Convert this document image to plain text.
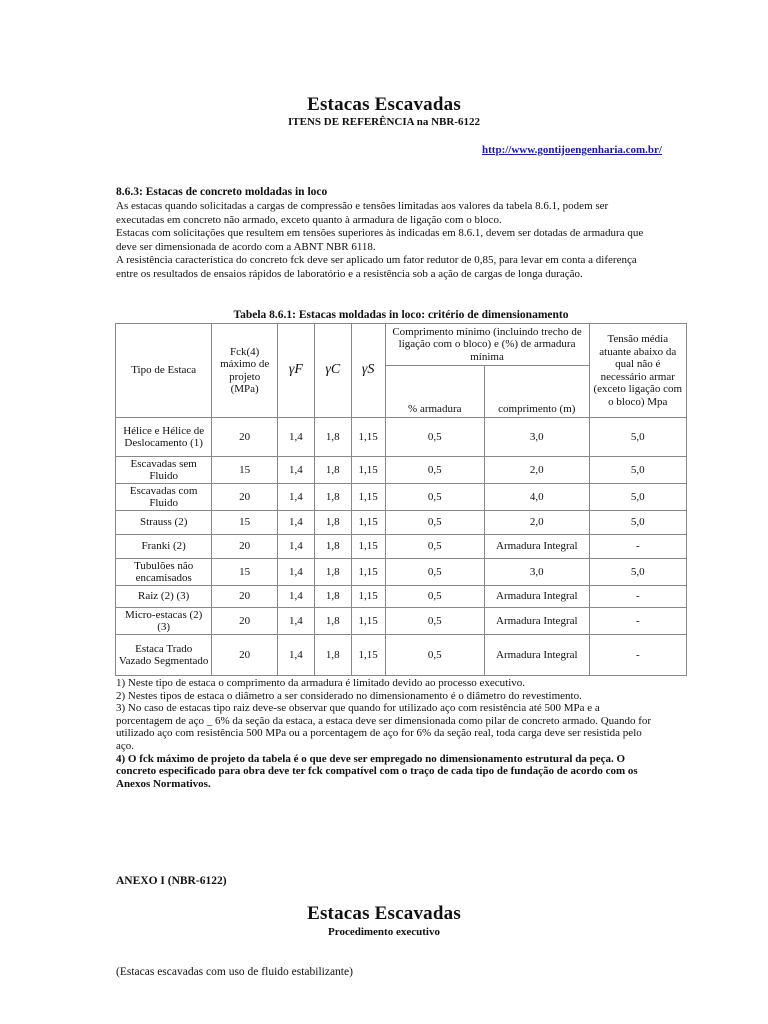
Estacas Escavadas
ITENS DE REFERÊNCIA na NBR-6122
http://www.gontijoengenharia.com.br/
8.6.3: Estacas de concreto moldadas in loco

As estacas quando solicitadas a cargas de compressão e tensões limitadas aos valores da tabela 8.6.1, podem ser executadas em concreto não armado, exceto quanto à armadura de ligação com o bloco.

Estacas com solicitações que resultem em tensões superiores às indicadas em 8.6.1, devem ser dotadas de armadura que deve ser dimensionada de acordo com a ABNT NBR 6118.

A resistência característica do concreto fck deve ser aplicado um fator redutor de 0,85, para levar em conta a diferença entre os resultados de ensaios rápidos de laboratório e a resistência sob a ação de cargas de longa duração.

Tabela 8.6.1: Estacas moldadas in loco: critério de dimensionamento
Tipo de Estaca	Fck(4) máximo de projeto (MPa)	γF	γC	γS	Comprimento mínimo (incluindo trecho de ligação com o bloco) e (%) de armadura mínima		Tensão média atuante abaixo da qual não é necessário armar (exceto ligação com o bloco) Mpa
					% armadura	comprimento (m)	
Hélice e Hélice de Deslocamento (1)	20	1,4	1,8	1,15	0,5	3,0	5,0
Escavadas sem Fluido	15	1,4	1,8	1,15	0,5	2,0	5,0
Escavadas com Fluido	20	1,4	1,8	1,15	0,5	4,0	5,0
Strauss (2)	15	1,4	1,8	1,15	0,5	2,0	5,0
Franki (2)	20	1,4	1,8	1,15	0,5	Armadura Integral	-
Tubulões não encamisados	15	1,4	1,8	1,15	0,5	3,0	5,0
Raiz (2) (3)	20	1,4	1,8	1,15	0,5	Armadura Integral	-
Micro-estacas (2) (3)	20	1,4	1,8	1,15	0,5	Armadura Integral	-
Estaca Trado Vazado Segmentado	20	1,4	1,8	1,15	0,5	Armadura Integral	-

1) Neste tipo de estaca o comprimento da armadura é limitado devido ao processo executivo.

2) Nestes tipos de estaca o diâmetro a ser considerado no dimensionamento é o diâmetro do revestimento.

3) No caso de estacas tipo raiz deve-se observar que quando for utilizado aço com resistência até 500 MPa e a porcentagem de aço _ 6% da seção da estaca, a estaca deve ser dimensionada como pilar de concreto armado. Quando for utilizado aço com resistência 500 MPa ou a porcentagem de aço for 6% da seção real, toda carga deve ser resistida pelo aço.

4) O fck máximo de projeto da tabela é o que deve ser empregado no dimensionamento estrutural da peça. O concreto especificado para obra deve ter fck compatível com o traço de cada tipo de fundação de acordo com os Anexos Normativos.

ANEXO I (NBR-6122)
Estacas Escavadas
Procedimento executivo
(Estacas escavadas com uso de fluido estabilizante)
